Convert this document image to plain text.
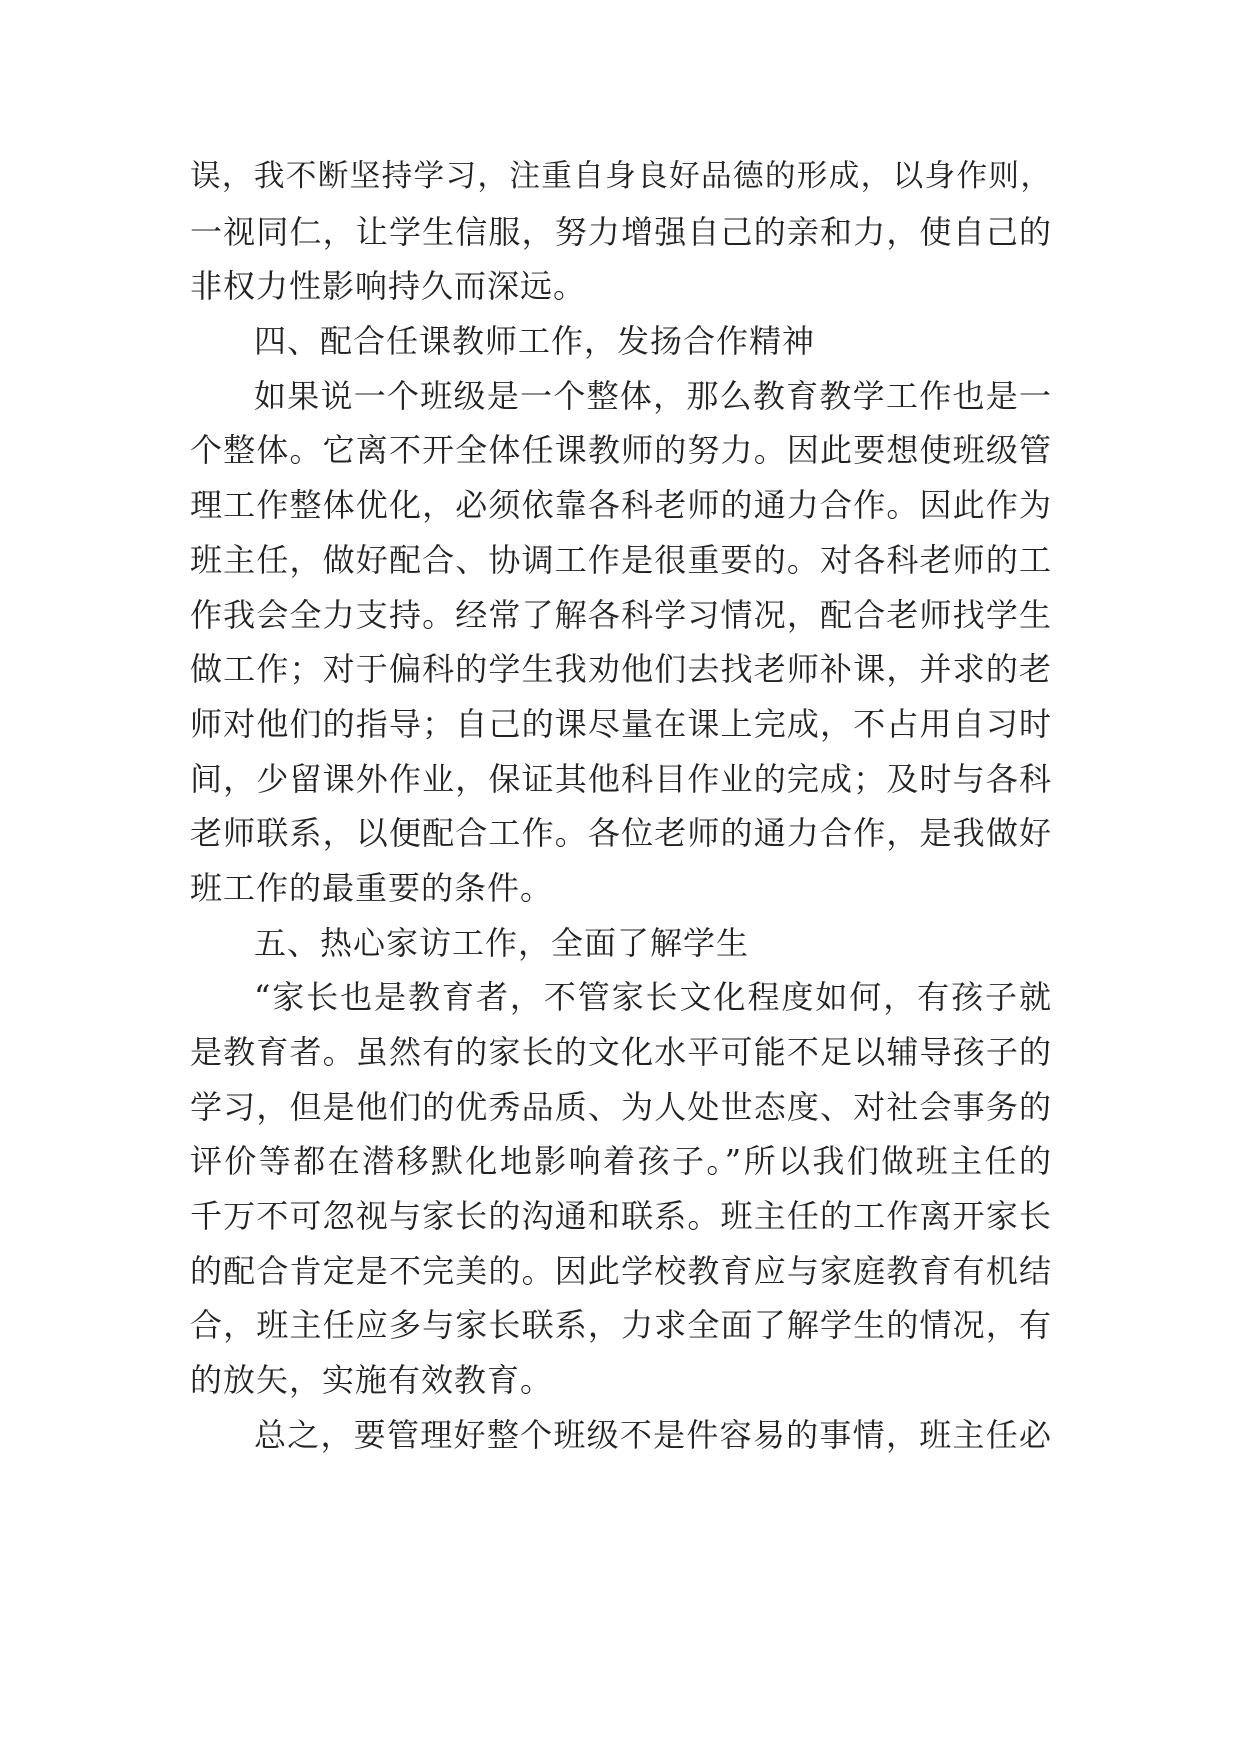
误，我不断坚持学习，注重自身良好品德的形成，以身作则，
一视同仁，让学生信服，努力增强自己的亲和力，使自己的
非权力性影响持久而深远。
四、配合任课教师工作，发扬合作精神
如果说一个班级是一个整体，那么教育教学工作也是一
个整体。它离不开全体任课教师的努力。因此要想使班级管
理工作整体优化，必须依靠各科老师的通力合作。因此作为
班主任，做好配合、协调工作是很重要的。对各科老师的工
作我会全力支持。经常了解各科学习情况，配合老师找学生
做工作；对于偏科的学生我劝他们去找老师补课，并求的老
师对他们的指导；自己的课尽量在课上完成，不占用自习时
间，少留课外作业，保证其他科目作业的完成；及时与各科
老师联系，以便配合工作。各位老师的通力合作，是我做好
班工作的最重要的条件。
五、热心家访工作，全面了解学生
“家长也是教育者，不管家长文化程度如何，有孩子就
是教育者。虽然有的家长的文化水平可能不足以辅导孩子的
学习，但是他们的优秀品质、为人处世态度、对社会事务的
评价等都在潜移默化地影响着孩子。”所以我们做班主任的
千万不可忽视与家长的沟通和联系。班主任的工作离开家长
的配合肯定是不完美的。因此学校教育应与家庭教育有机结
合，班主任应多与家长联系，力求全面了解学生的情况，有
的放矢，实施有效教育。
总之，要管理好整个班级不是件容易的事情，班主任必
